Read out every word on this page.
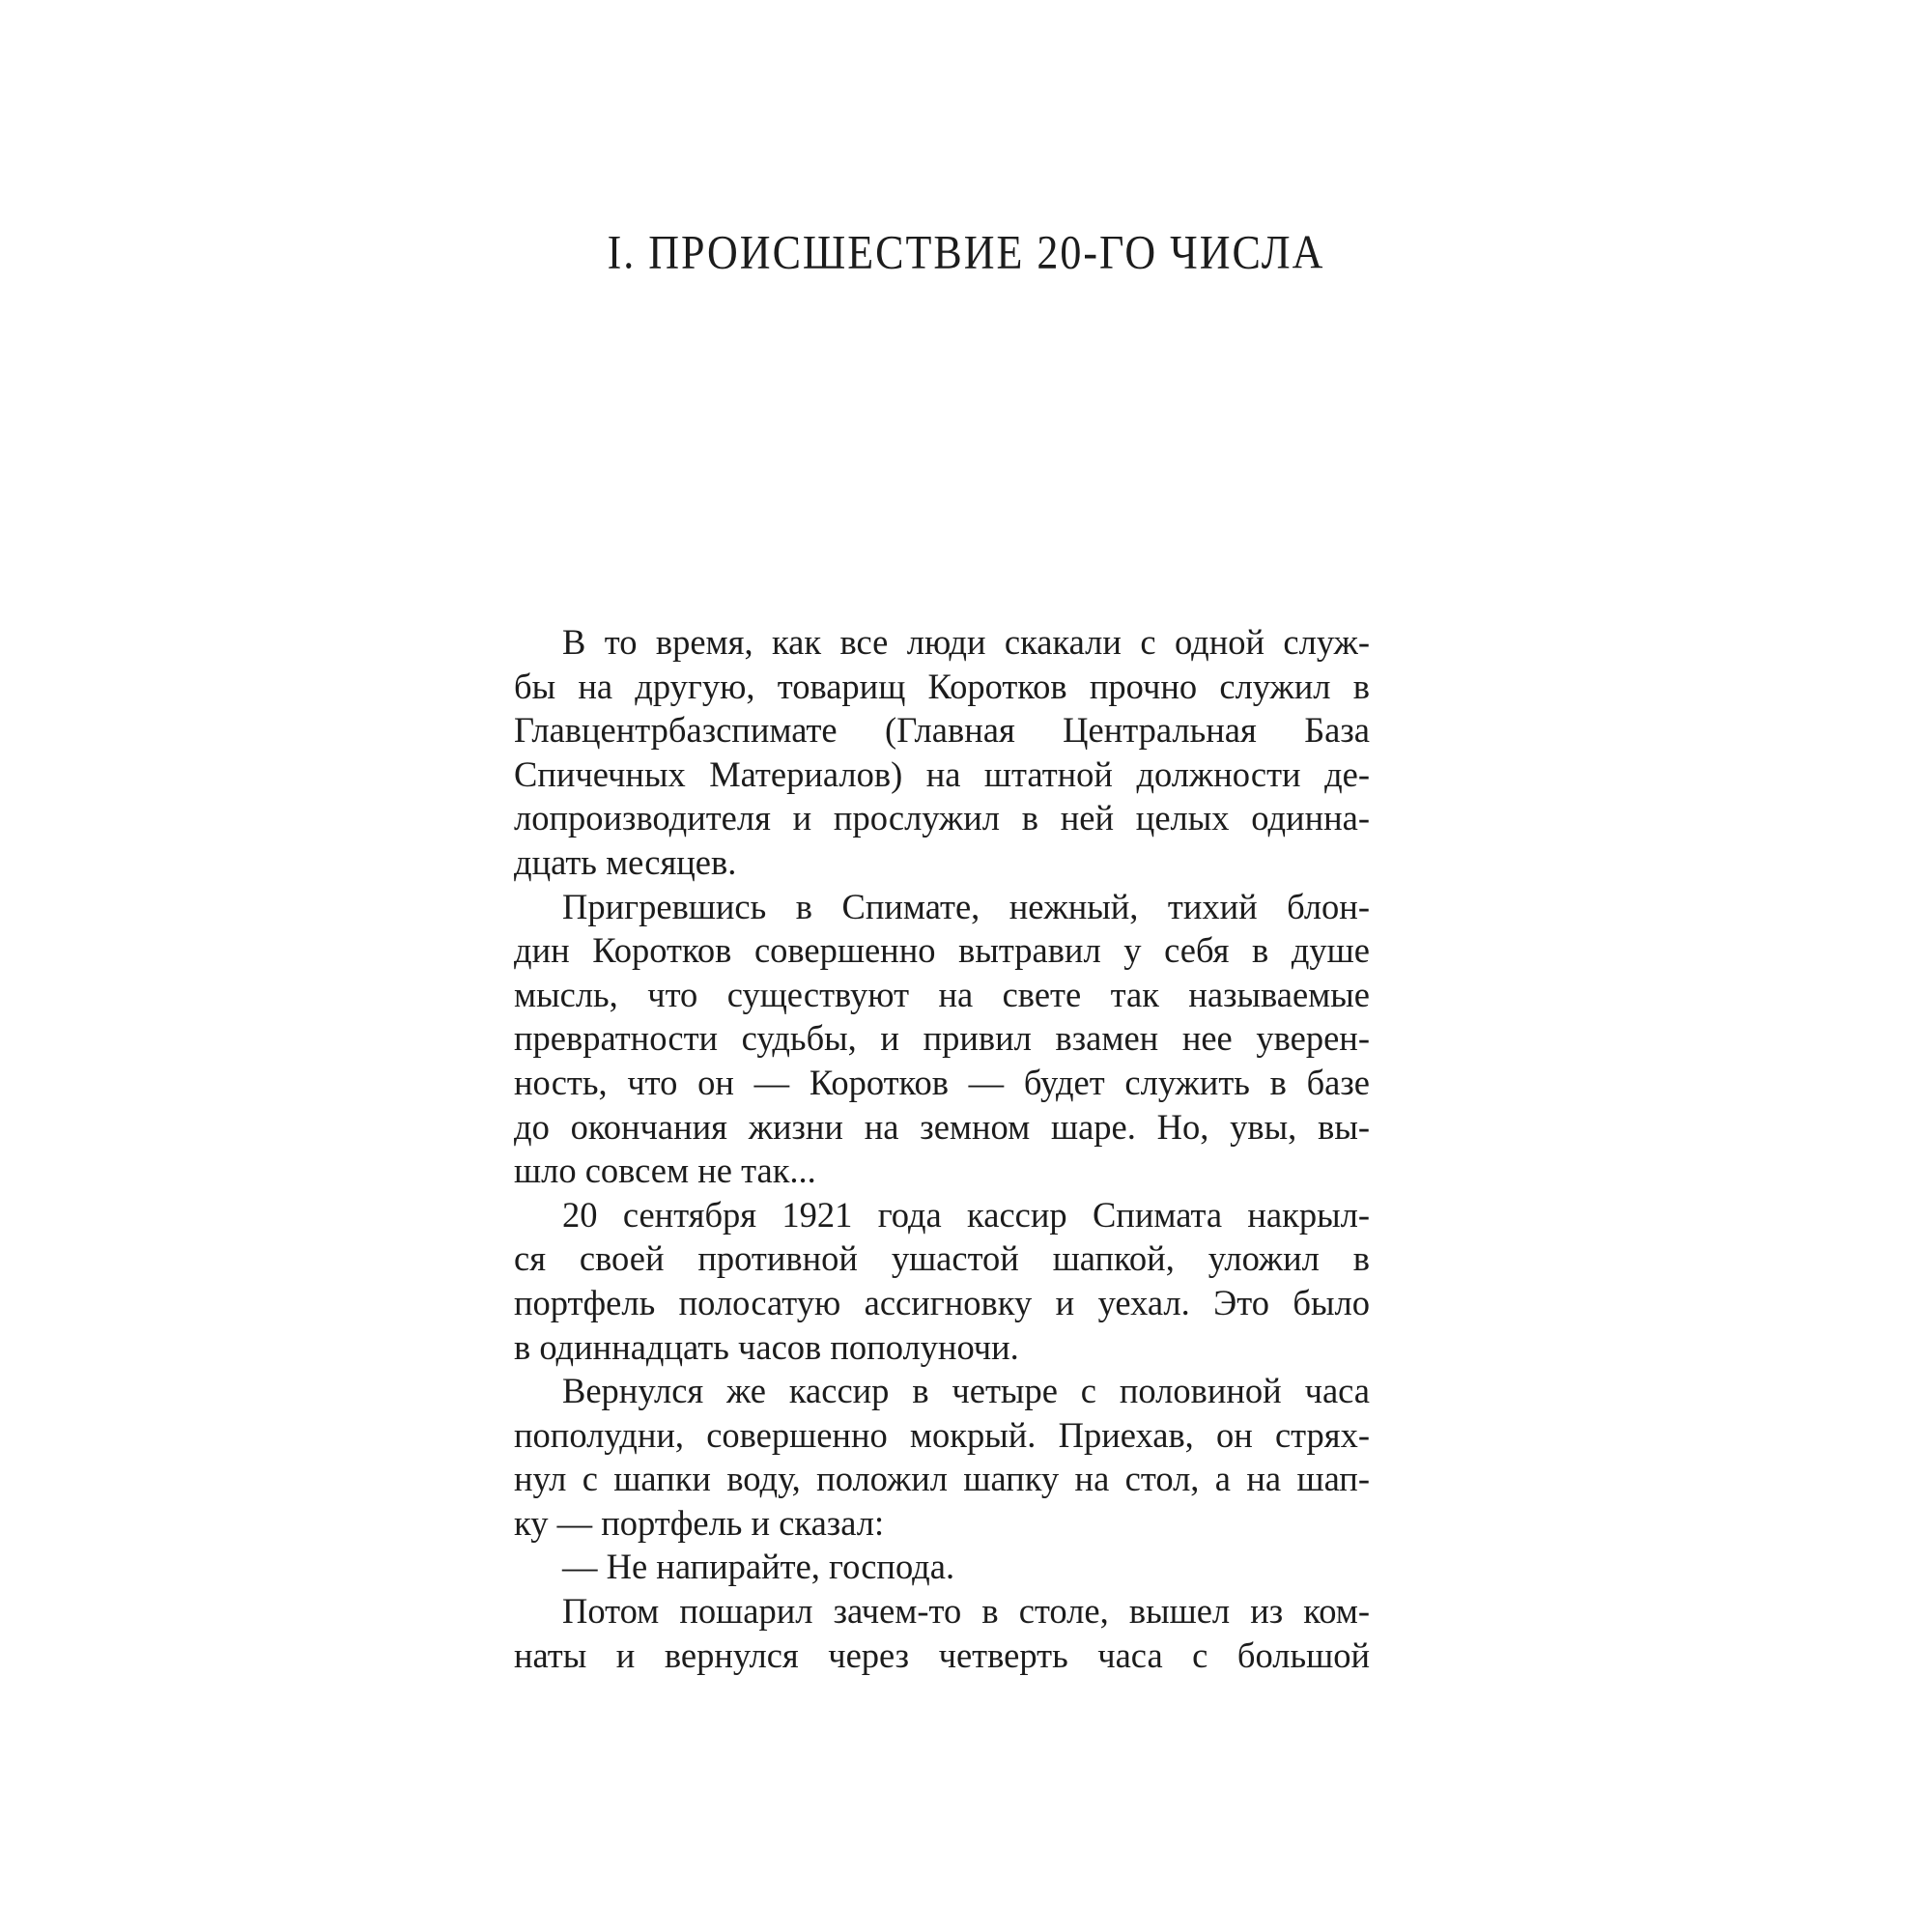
I. ПРОИСШЕСТВИЕ 20-ГО ЧИСЛА
В то время, как все люди скакали с одной служ-
бы на другую, товарищ Коротков прочно служил в
Главцентрбазспимате (Главная Центральная База
Спичечных Материалов) на штатной должности де-
лопроизводителя и прослужил в ней целых одинна-
дцать месяцев.
Пригревшись в Спимате, нежный, тихий блон-
дин Коротков совершенно вытравил у себя в душе
мысль, что существуют на свете так называемые
превратности судьбы, и привил взамен нее уверен-
ность, что он — Коротков — будет служить в базе
до окончания жизни на земном шаре. Но, увы, вы-
шло совсем не так...
20 сентября 1921 года кассир Спимата накрыл-
ся своей противной ушастой шапкой, уложил в
портфель полосатую ассигновку и уехал. Это было
в одиннадцать часов пополуночи.
Вернулся же кассир в четыре с половиной часа
пополудни, совершенно мокрый. Приехав, он стрях-
нул с шапки воду, положил шапку на стол, а на шап-
ку — портфель и сказал:
— Не напирайте, господа.
Потом пошарил зачем-то в столе, вышел из ком-
наты и вернулся через четверть часа с большой
